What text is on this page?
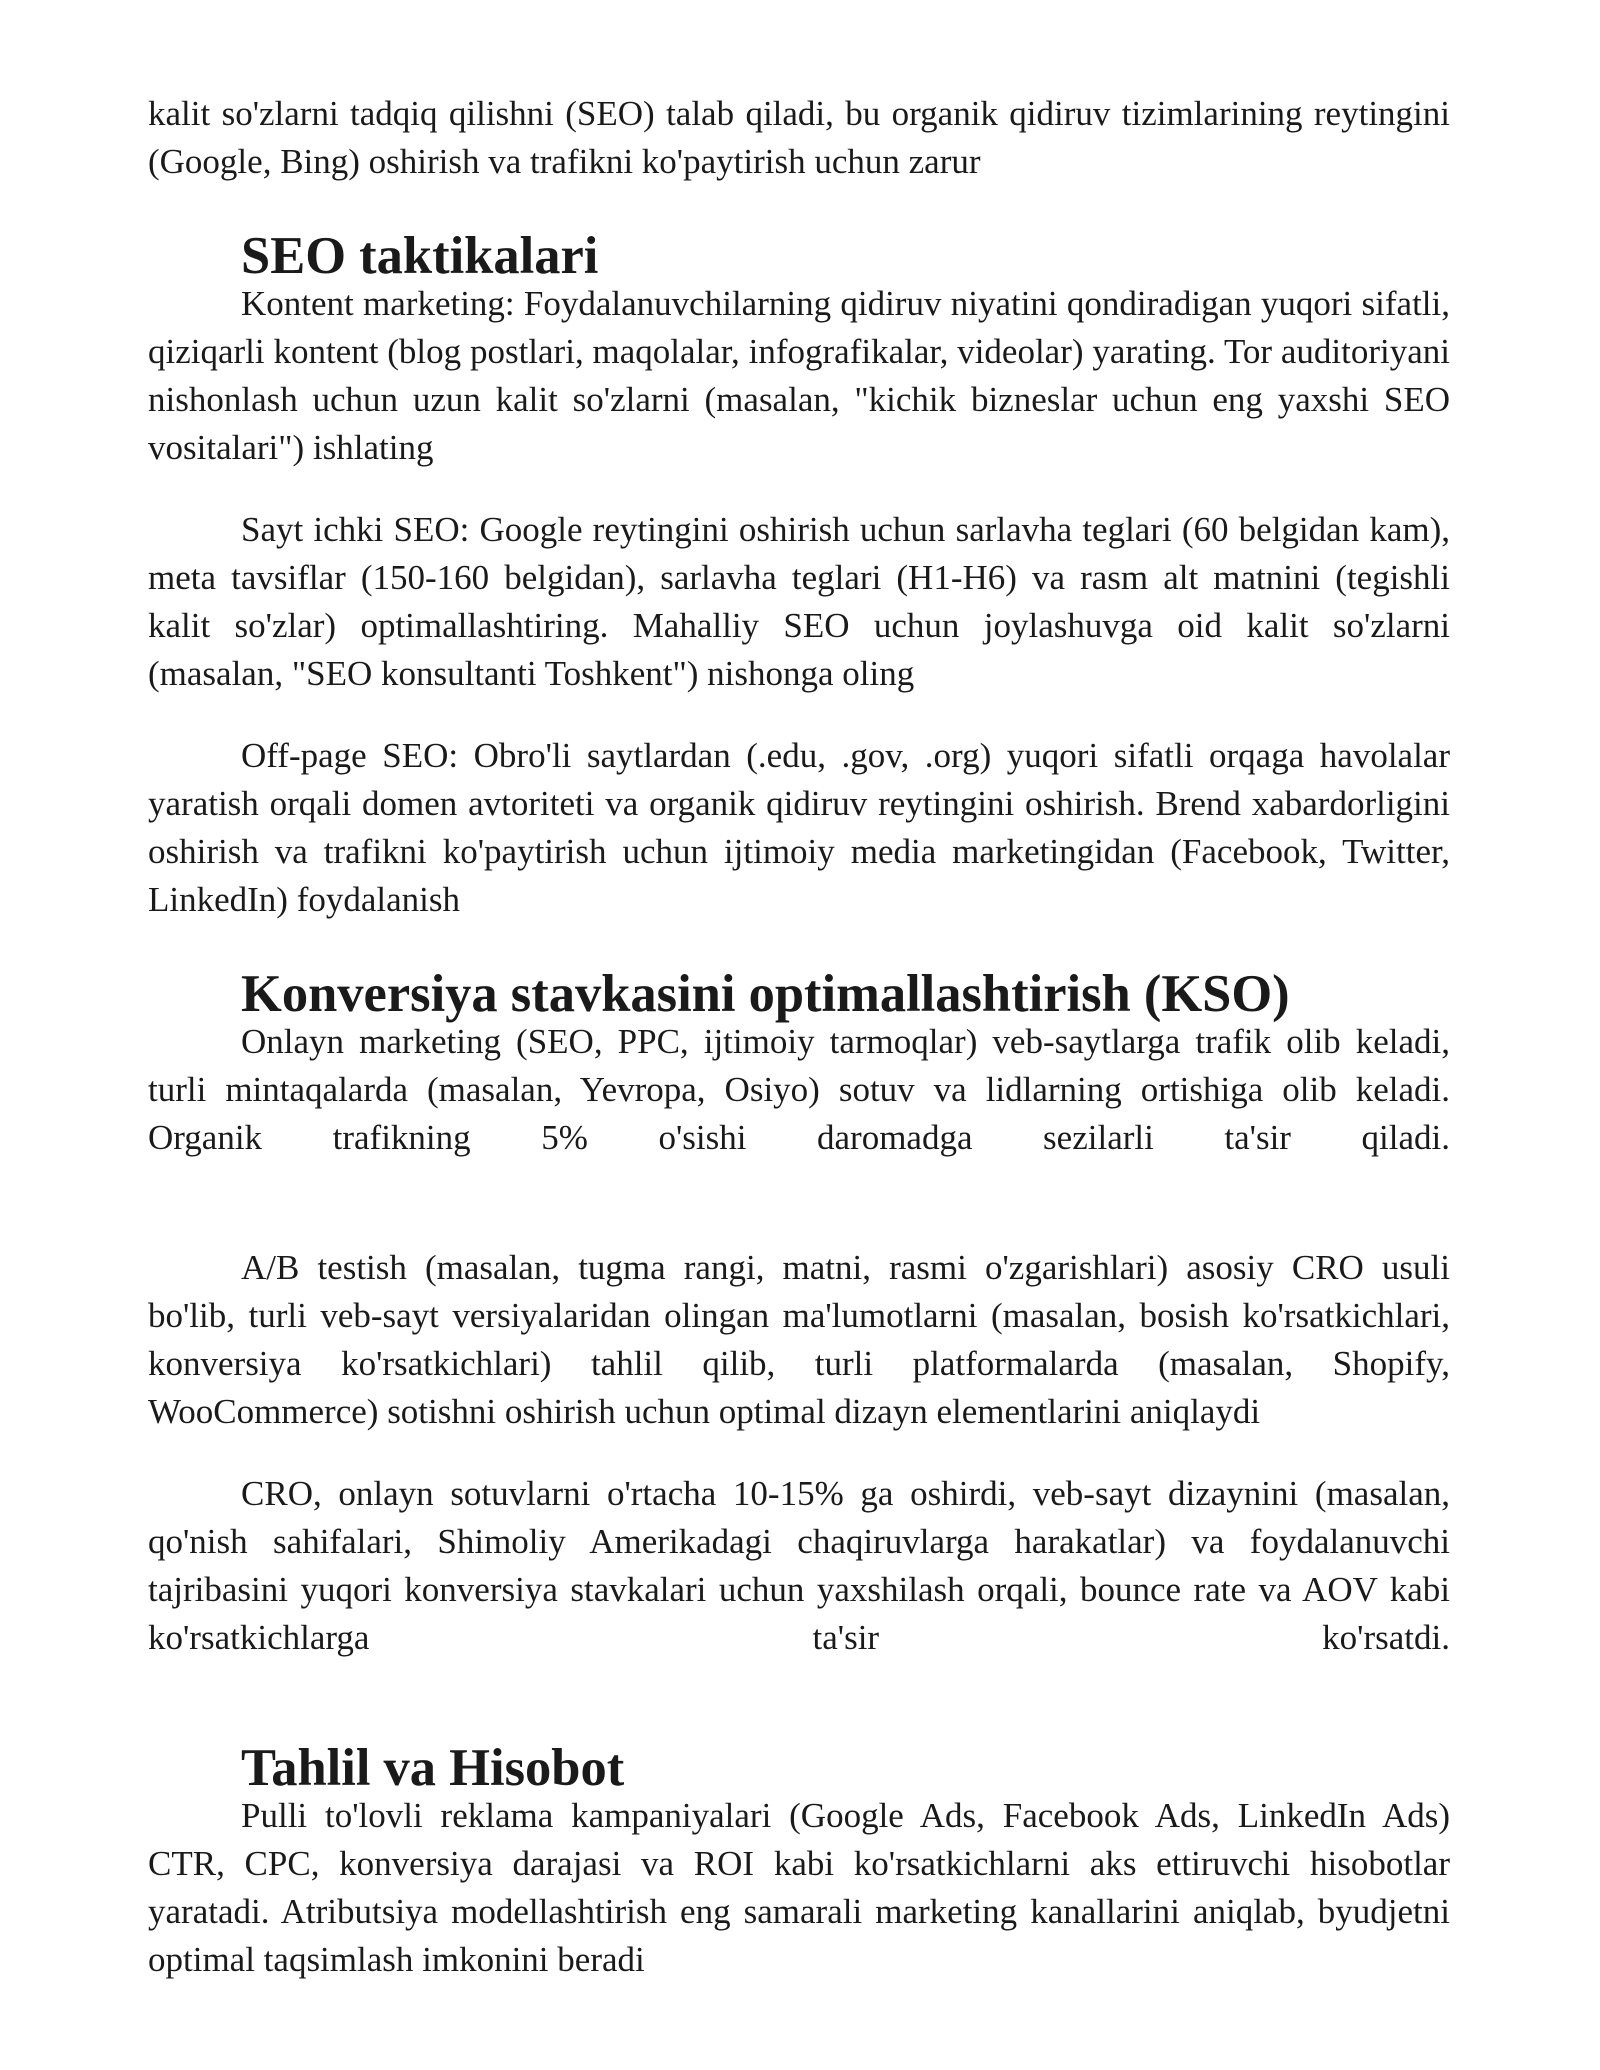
kalit so'zlarni tadqiq qilishni (SEO) talab qiladi, bu organik qidiruv tizimlarining reytingini (Google, Bing) oshirish va trafikni ko'paytirish uchun zarur

SEO taktikalari

Kontent marketing: Foydalanuvchilarning qidiruv niyatini qondiradigan yuqori sifatli, qiziqarli kontent (blog postlari, maqolalar, infografikalar, videolar) yarating. Tor auditoriyani nishonlash uchun uzun kalit so'zlarni (masalan, "kichik bizneslar uchun eng yaxshi SEO vositalari") ishlating

Sayt ichki SEO: Google reytingini oshirish uchun sarlavha teglari (60 belgidan kam), meta tavsiflar (150-160 belgidan), sarlavha teglari (H1-H6) va rasm alt matnini (tegishli kalit so'zlar) optimallashtiring. Mahalliy SEO uchun joylashuvga oid kalit so'zlarni (masalan, "SEO konsultanti Toshkent") nishonga oling

Off-page SEO: Obro'li saytlardan (.edu, .gov, .org) yuqori sifatli orqaga havolalar yaratish orqali domen avtoriteti va organik qidiruv reytingini oshirish. Brend xabardorligini oshirish va trafikni ko'paytirish uchun ijtimoiy media marketingidan (Facebook, Twitter, LinkedIn) foydalanish

Konversiya stavkasini optimallashtirish (KSO)

Onlayn marketing (SEO, PPC, ijtimoiy tarmoqlar) veb-saytlarga trafik olib keladi, turli mintaqalarda (masalan, Yevropa, Osiyo) sotuv va lidlarning ortishiga olib keladi. Organik trafikning 5% o'sishi daromadga sezilarli ta'sir qiladi.

A/B testish (masalan, tugma rangi, matni, rasmi o'zgarishlari) asosiy CRO usuli bo'lib, turli veb-sayt versiyalaridan olingan ma'lumotlarni (masalan, bosish ko'rsatkichlari, konversiya ko'rsatkichlari) tahlil qilib, turli platformalarda (masalan, Shopify, WooCommerce) sotishni oshirish uchun optimal dizayn elementlarini aniqlaydi

CRO, onlayn sotuvlarni o'rtacha 10-15% ga oshirdi, veb-sayt dizaynini (masalan, qo'nish sahifalari, Shimoliy Amerikadagi chaqiruvlarga harakatlar) va foydalanuvchi tajribasini yuqori konversiya stavkalari uchun yaxshilash orqali, bounce rate va AOV kabi ko'rsatkichlarga ta'sir ko'rsatdi.

Tahlil va Hisobot

Pulli to'lovli reklama kampaniyalari (Google Ads, Facebook Ads, LinkedIn Ads) CTR, CPC, konversiya darajasi va ROI kabi ko'rsatkichlarni aks ettiruvchi hisobotlar yaratadi. Atributsiya modellashtirish eng samarali marketing kanallarini aniqlab, byudjetni optimal taqsimlash imkonini beradi
